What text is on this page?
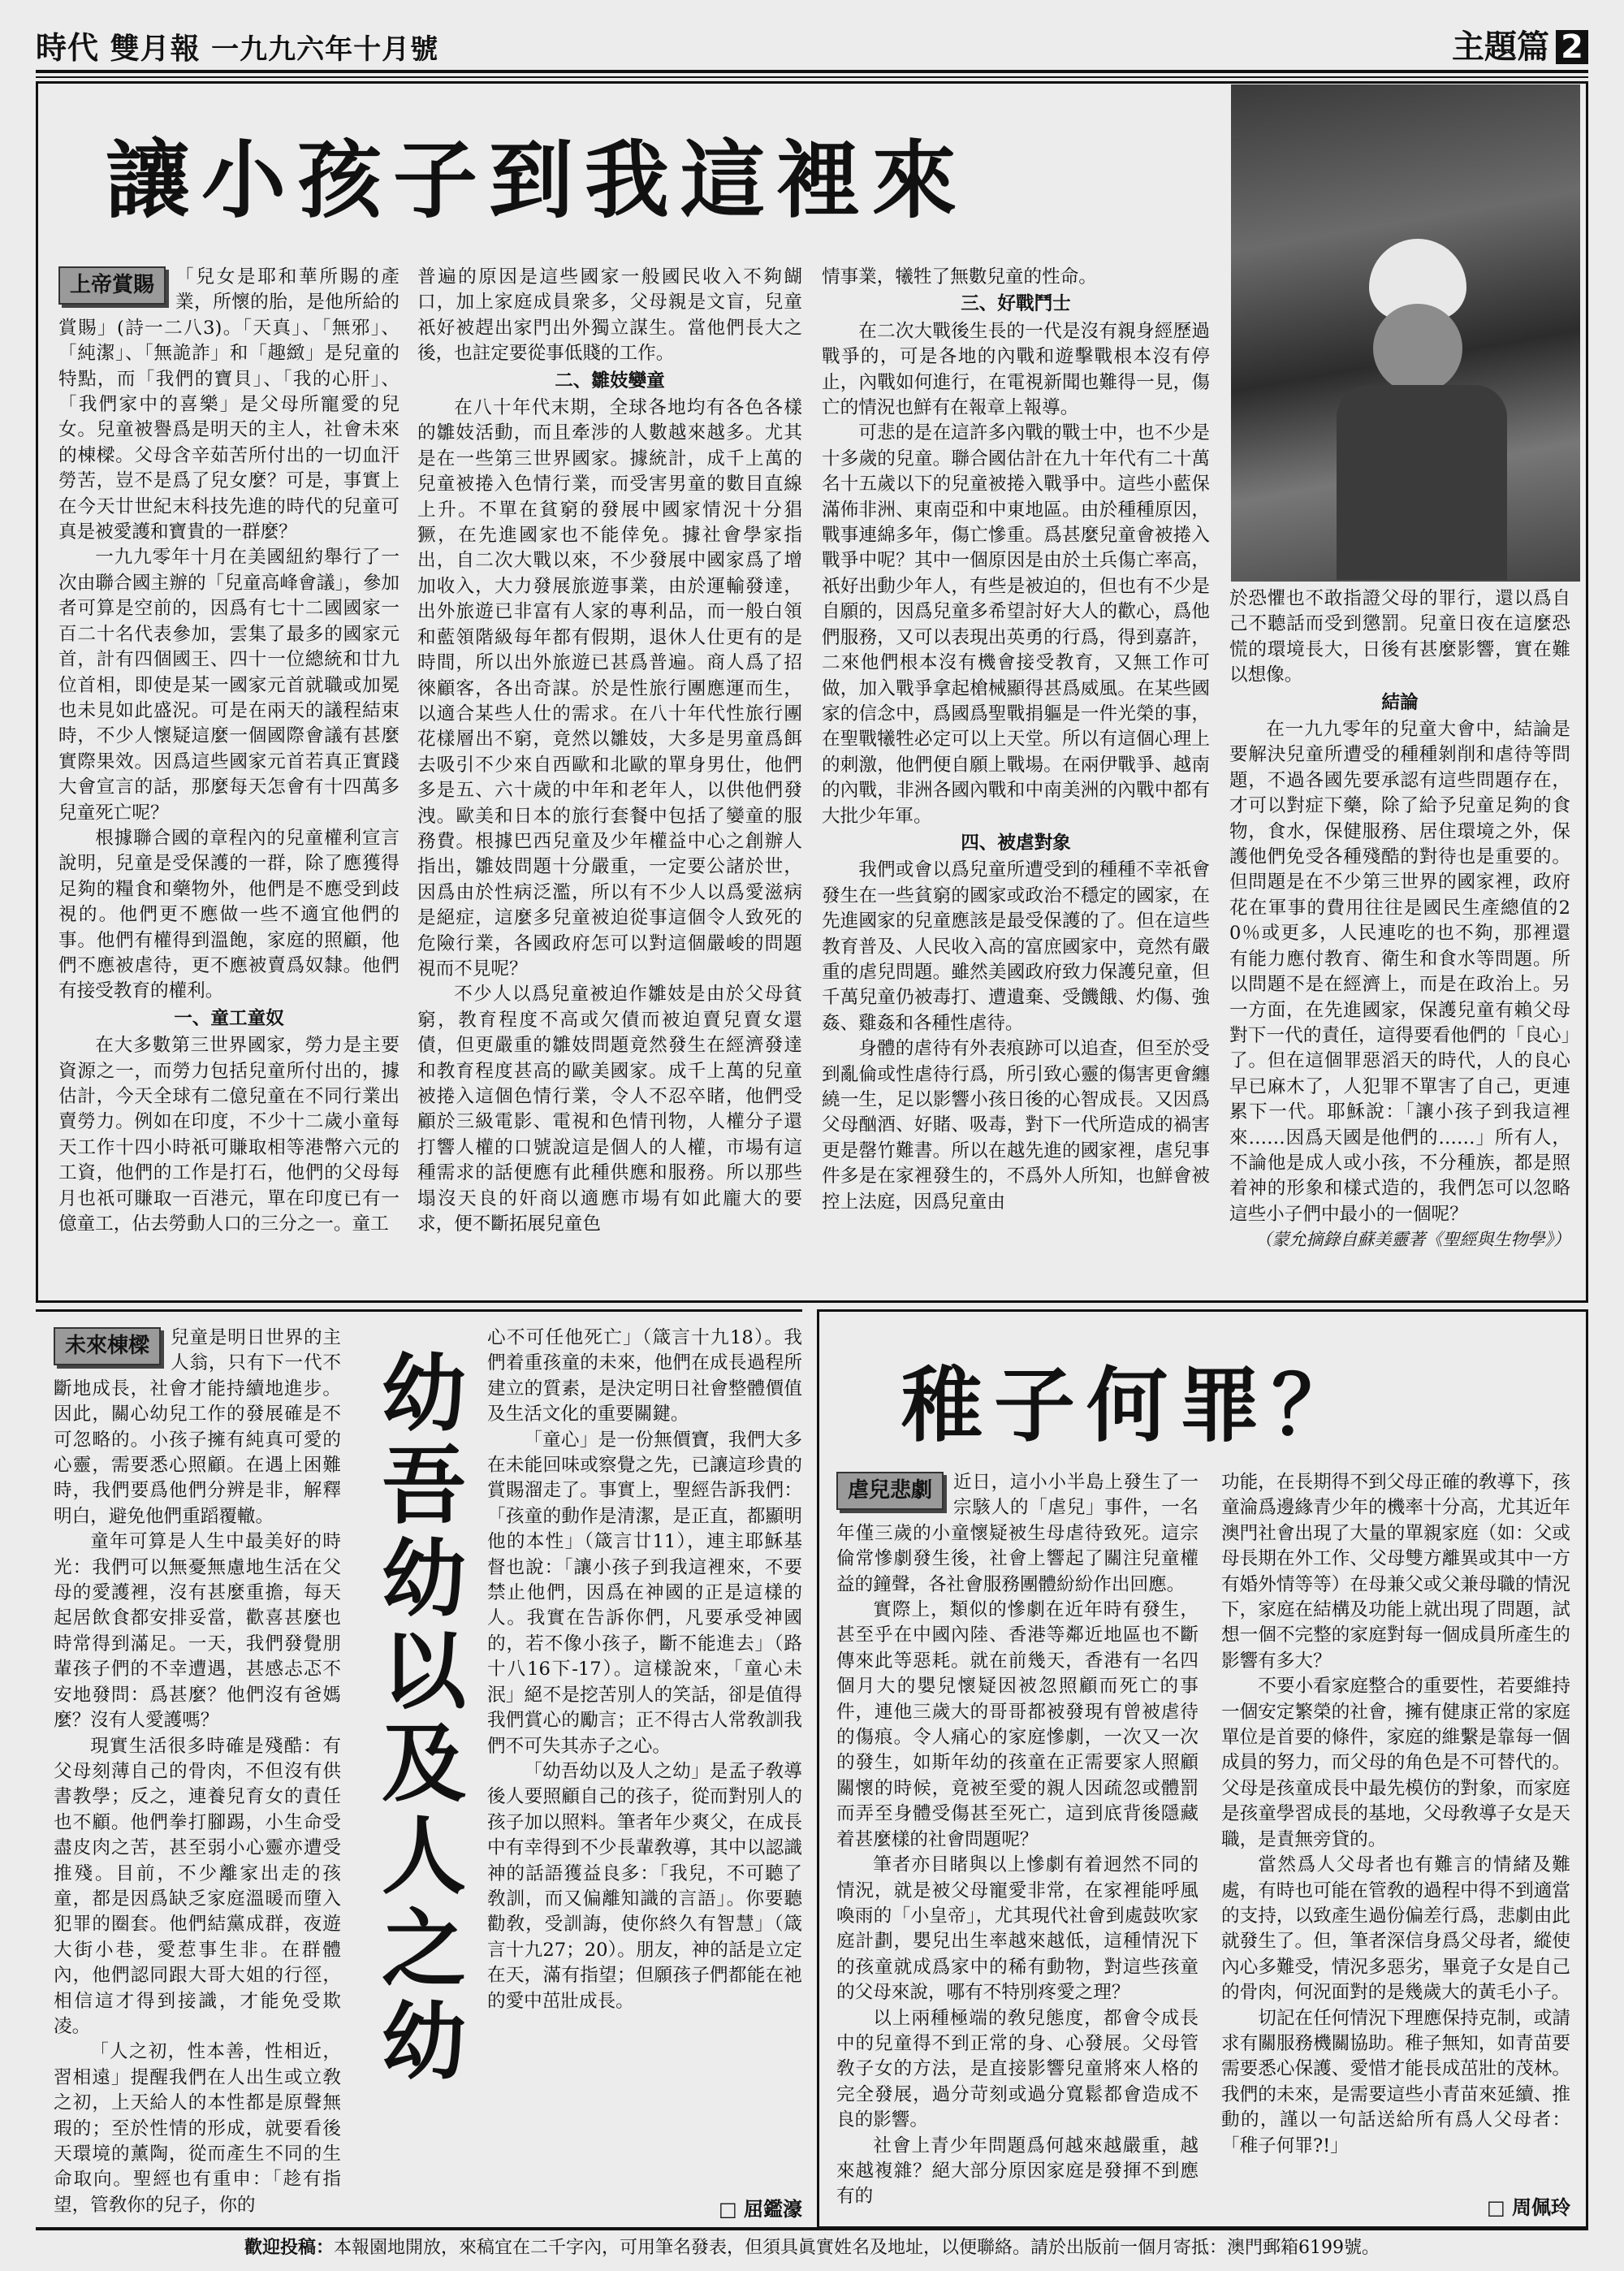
時代 雙月報 一九九六年十月號	主題篇 2
讓小孩子到我這裡來
上帝賞賜	「兒女是耶和華所賜的產業，所懷的胎，是他所給的賞賜」(詩一二八3)。「天真」、「無邪」、「純潔」、「無詭詐」和「趣緻」是兒童的特點，而「我們的寶貝」、「我的心肝」、「我們家中的喜樂」是父母所寵愛的兒女。兒童被譽爲是明天的主人，社會未來的棟樑。父母含辛茹苦所付出的一切血汗勞苦，豈不是爲了兒女麼？可是，事實上在今天廿世紀末科技先進的時代的兒童可真是被愛護和寶貴的一群麼？

一九九零年十月在美國紐約舉行了一次由聯合國主辦的「兒童高峰會議」，參加者可算是空前的，因爲有七十二國國家一百二十名代表參加，雲集了最多的國家元首，計有四個國王、四十一位總統和廿九位首相，即使是某一國家元首就職或加冕也未見如此盛況。可是在兩天的議程結束時，不少人懷疑這麼一個國際會議有甚麼實際果效。因爲這些國家元首若真正實踐大會宣言的話，那麼每天怎會有十四萬多兒童死亡呢？

根據聯合國的章程內的兒童權利宣言說明，兒童是受保護的一群，除了應獲得足夠的糧食和藥物外，他們是不應受到歧視的。他們更不應做一些不適宜他們的事。他們有權得到溫飽，家庭的照顧，他們不應被虐待，更不應被賣爲奴隸。他們有接受教育的權利。

一、童工童奴

在大多數第三世界國家，勞力是主要資源之一，而勞力包括兒童所付出的，據估計，今天全球有二億兒童在不同行業出賣勞力。例如在印度，不少十二歲小童每天工作十四小時祇可賺取相等港幣六元的工資，他們的工作是打石，他們的父母每月也祇可賺取一百港元，單在印度已有一億童工，佔去勞動人口的三分之一。童工

普遍的原因是這些國家一般國民收入不夠餬口，加上家庭成員衆多，父母親是文盲，兒童祇好被趕出家門出外獨立謀生。當他們長大之後，也註定要從事低賤的工作。

二、雛妓孌童

在八十年代末期，全球各地均有各色各樣的雛妓活動，而且牽涉的人數越來越多。尤其是在一些第三世界國家。據統計，成千上萬的兒童被捲入色情行業，而受害男童的數目直線上升。不單在貧窮的發展中國家情況十分猖獗，在先進國家也不能倖免。據社會學家指出，自二次大戰以來，不少發展中國家爲了增加收入，大力發展旅遊事業，由於運輸發達，出外旅遊已非富有人家的專利品，而一般白領和藍領階級每年都有假期，退休人仕更有的是時間，所以出外旅遊已甚爲普遍。商人爲了招徠顧客，各出奇謀。於是性旅行團應運而生，以適合某些人仕的需求。在八十年代性旅行團花樣層出不窮，竟然以雛妓，大多是男童爲餌去吸引不少來自西歐和北歐的單身男仕，他們多是五、六十歲的中年和老年人，以供他們發洩。歐美和日本的旅行套餐中包括了孌童的服務費。根據巴西兒童及少年權益中心之創辦人指出，雛妓問題十分嚴重，一定要公諸於世，因爲由於性病泛濫，所以有不少人以爲愛滋病是絕症，這麼多兒童被迫從事這個令人致死的危險行業，各國政府怎可以對這個嚴峻的問題視而不見呢？

不少人以爲兒童被迫作雛妓是由於父母貧窮，教育程度不高或欠債而被迫賣兒賣女還債，但更嚴重的雛妓問題竟然發生在經濟發達和教育程度甚高的歐美國家。成千上萬的兒童被捲入這個色情行業，令人不忍卒睹，他們受顧於三級電影、電視和色情刊物，人權分子還打響人權的口號說這是個人的人權，市場有這種需求的話便應有此種供應和服務。所以那些塌沒天良的奸商以適應市場有如此龐大的要求，便不斷拓展兒童色

情事業，犧牲了無數兒童的性命。

三、好戰鬥士

在二次大戰後生長的一代是沒有親身經歷過戰爭的，可是各地的內戰和遊擊戰根本沒有停止，內戰如何進行，在電視新聞也難得一見，傷亡的情況也鮮有在報章上報導。

可悲的是在這許多內戰的戰士中，也不少是十多歲的兒童。聯合國估計在九十年代有二十萬名十五歲以下的兒童被捲入戰爭中。這些小藍保滿佈非洲、東南亞和中東地區。由於種種原因，戰事連綿多年，傷亡慘重。爲甚麼兒童會被捲入戰爭中呢？其中一個原因是由於土兵傷亡率高，祇好出動少年人，有些是被迫的，但也有不少是自願的，因爲兒童多希望討好大人的歡心，爲他們服務，又可以表現出英勇的行爲，得到嘉許，二來他們根本沒有機會接受教育，又無工作可做，加入戰爭拿起槍械顯得甚爲威風。在某些國家的信念中，爲國爲聖戰捐軀是一件光榮的事，在聖戰犧牲必定可以上天堂。所以有這個心理上的刺激，他們便自願上戰場。在兩伊戰爭、越南的內戰，非洲各國內戰和中南美洲的內戰中都有大批少年軍。

四、被虐對象

我們或會以爲兒童所遭受到的種種不幸祇會發生在一些貧窮的國家或政治不穩定的國家，在先進國家的兒童應該是最受保護的了。但在這些教育普及、人民收入高的富庶國家中，竟然有嚴重的虐兒問題。雖然美國政府致力保護兒童，但千萬兒童仍被毒打、遭遺棄、受饑餓、灼傷、強姦、雞姦和各種性虐待。

身體的虐待有外表痕跡可以追查，但至於受到亂倫或性虐待行爲，所引致心靈的傷害更會纏繞一生，足以影響小孩日後的心智成長。又因爲父母酗酒、好賭、吸毒，對下一代所造成的禍害更是罄竹難書。所以在越先進的國家裡，虐兒事件多是在家裡發生的，不爲外人所知，也鮮會被控上法庭，因爲兒童由

於恐懼也不敢指證父母的罪行，還以爲自己不聽話而受到懲罰。兒童日夜在這麼恐慌的環境長大，日後有甚麼影響，實在難以想像。

結論

在一九九零年的兒童大會中，結論是要解決兒童所遭受的種種剝削和虐待等問題，不過各國先要承認有這些問題存在，才可以對症下藥，除了給予兒童足夠的食物，食水，保健服務、居住環境之外，保護他們免受各種殘酷的對待也是重要的。但問題是在不少第三世界的國家裡，政府花在軍事的費用往往是國民生產總值的20％或更多，人民連吃的也不夠，那裡還有能力應付教育、衛生和食水等問題。所以問題不是在經濟上，而是在政治上。另一方面，在先進國家，保護兒童有賴父母對下一代的責任，這得要看他們的「良心」了。但在這個罪惡滔天的時代，人的良心早已麻木了，人犯罪不單害了自己，更連累下一代。耶穌說：「讓小孩子到我這裡來……因爲天國是他們的……」所有人，不論他是成人或小孩，不分種族，都是照着神的形象和樣式造的，我們怎可以忽略這些小子們中最小的一個呢？

（蒙允摘錄自蘇美靈著《聖經與生物學》）
未來棟樑	兒童是明日世界的主人翁，只有下一代不斷地成長，社會才能持續地進步。因此，關心幼兒工作的發展確是不可忽略的。小孩子擁有純真可愛的心靈，需要悉心照顧。在遇上困難時，我們要爲他們分辨是非，解釋明白，避免他們重蹈覆轍。

童年可算是人生中最美好的時光：我們可以無憂無慮地生活在父母的愛護裡，沒有甚麼重擔，每天起居飲食都安排妥當，歡喜甚麼也時常得到滿足。一天，我們發覺朋輩孩子們的不幸遭遇，甚感忐忑不安地發問：爲甚麼？他們沒有爸媽麼？沒有人愛護嗎？

現實生活很多時確是殘酷：有父母刻薄自己的骨肉，不但沒有供書教學；反之，連養兒育女的責任也不顧。他們拳打腳踢，小生命受盡皮肉之苦，甚至弱小心靈亦遭受推殘。目前，不少離家出走的孩童，都是因爲缺乏家庭溫暖而墮入犯罪的圈套。他們結黨成群，夜遊大街小巷，愛惹事生非。在群體內，他們認同跟大哥大姐的行徑，相信這才得到接識，才能免受欺凌。

「人之初，性本善，性相近，習相遠」提醒我們在人出生或立敎之初，上天給人的本性都是原聲無瑕的；至於性情的形成，就要看後天環境的薰陶，從而產生不同的生命取向。聖經也有重申：「趁有指望，管敎你的兒子，你的

幼吾幼以及人之幼

心不可任他死亡」（箴言十九18）。我們着重孩童的未來，他們在成長過程所建立的質素，是決定明日社會整體價值及生活文化的重要關鍵。

「童心」是一份無價寶，我們大多在未能回味或察覺之先，已讓這珍貴的賞賜溜走了。事實上，聖經告訴我們：「孩童的動作是清潔，是正直，都顯明他的本性」（箴言廿11），連主耶穌基督也說：「讓小孩子到我這裡來，不要禁止他們，因爲在神國的正是這樣的人。我實在告訴你們，凡要承受神國的，若不像小孩子，斷不能進去」（路十八16下-17）。這樣說來，「童心未泯」絕不是挖苦別人的笑話，卻是值得我們賞心的勵言；正不得古人常敎訓我們不可失其赤子之心。

「幼吾幼以及人之幼」是孟子敎導後人要照顧自己的孩子，從而對別人的孩子加以照料。筆者年少爽父，在成長中有幸得到不少長輩敎導，其中以認識神的話語獲益良多：「我兒，不可聽了敎訓，而又偏離知識的言語」。你要聽勸敎，受訓誨，使你終久有智慧」（箴言十九27；20）。朋友，神的話是立定在天，滿有指望；但願孩子們都能在祂的愛中茁壯成長。

□ 屈鑑濠
稚子何罪？
虐兒悲劇	近日，這小小半島上發生了一宗駭人的「虐兒」事件，一名年僅三歲的小童懷疑被生母虐待致死。這宗倫常慘劇發生後，社會上響起了關注兒童權益的鐘聲，各社會服務團體紛紛作出回應。

實際上，類似的慘劇在近年時有發生，甚至乎在中國內陸、香港等鄰近地區也不斷傳來此等惡耗。就在前幾天，香港有一名四個月大的嬰兒懷疑因被忽照顧而死亡的事件，連他三歲大的哥哥都被發現有曾被虐待的傷痕。令人痛心的家庭慘劇，一次又一次的發生，如斯年幼的孩童在正需要家人照顧關懷的時候，竟被至愛的親人因疏忽或體罰而弄至身體受傷甚至死亡，這到底背後隱藏着甚麼樣的社會問題呢？

筆者亦目睹與以上慘劇有着迥然不同的情況，就是被父母寵愛非常，在家裡能呼風喚雨的「小皇帝」，尤其現代社會到處鼓吹家庭計劃，嬰兒出生率越來越低，這種情況下的孩童就成爲家中的稀有動物，對這些孩童的父母來說，哪有不特別疼愛之理？

以上兩種極端的敎兒態度，都會令成長中的兒童得不到正常的身、心發展。父母管敎子女的方法，是直接影響兒童將來人格的完全發展，過分苛刻或過分寬鬆都會造成不良的影響。

社會上青少年問題爲何越來越嚴重，越來越複雜？絕大部分原因家庭是發揮不到應有的

功能，在長期得不到父母正確的敎導下，孩童淪爲邊緣青少年的機率十分高，尤其近年澳門社會出現了大量的單親家庭（如：父或母長期在外工作、父母雙方離異或其中一方有婚外情等等）在母兼父或父兼母職的情況下，家庭在結構及功能上就出現了問題，試想一個不完整的家庭對每一個成員所產生的影響有多大？

不要小看家庭整合的重要性，若要維持一個安定繁榮的社會，擁有健康正常的家庭單位是首要的條件，家庭的維繫是靠每一個成員的努力，而父母的角色是不可替代的。父母是孩童成長中最先模仿的對象，而家庭是孩童學習成長的基地，父母敎導子女是天職，是責無旁貸的。

當然爲人父母者也有難言的情緒及難處，有時也可能在管敎的過程中得不到適當的支持，以致產生過份偏差行爲，悲劇由此就發生了。但，筆者深信身爲父母者，縱使內心多難受，情況多惡劣，畢竟子女是自己的骨肉，何況面對的是幾歲大的黃毛小子。

切記在任何情況下理應保持克制，或請求有關服務機關協助。稚子無知，如青苗要需要悉心保護、愛惜才能長成茁壯的茂林。我們的未來，是需要這些小青苗來延續、推動的，謹以一句話送給所有爲人父母者：「稚子何罪?!」

□ 周佩玲
歡迎投稿：本報園地開放，來稿宜在二千字內，可用筆名發表，但須具眞實姓名及地址，以便聯絡。請於出版前一個月寄抵：澳門郵箱6199號。
